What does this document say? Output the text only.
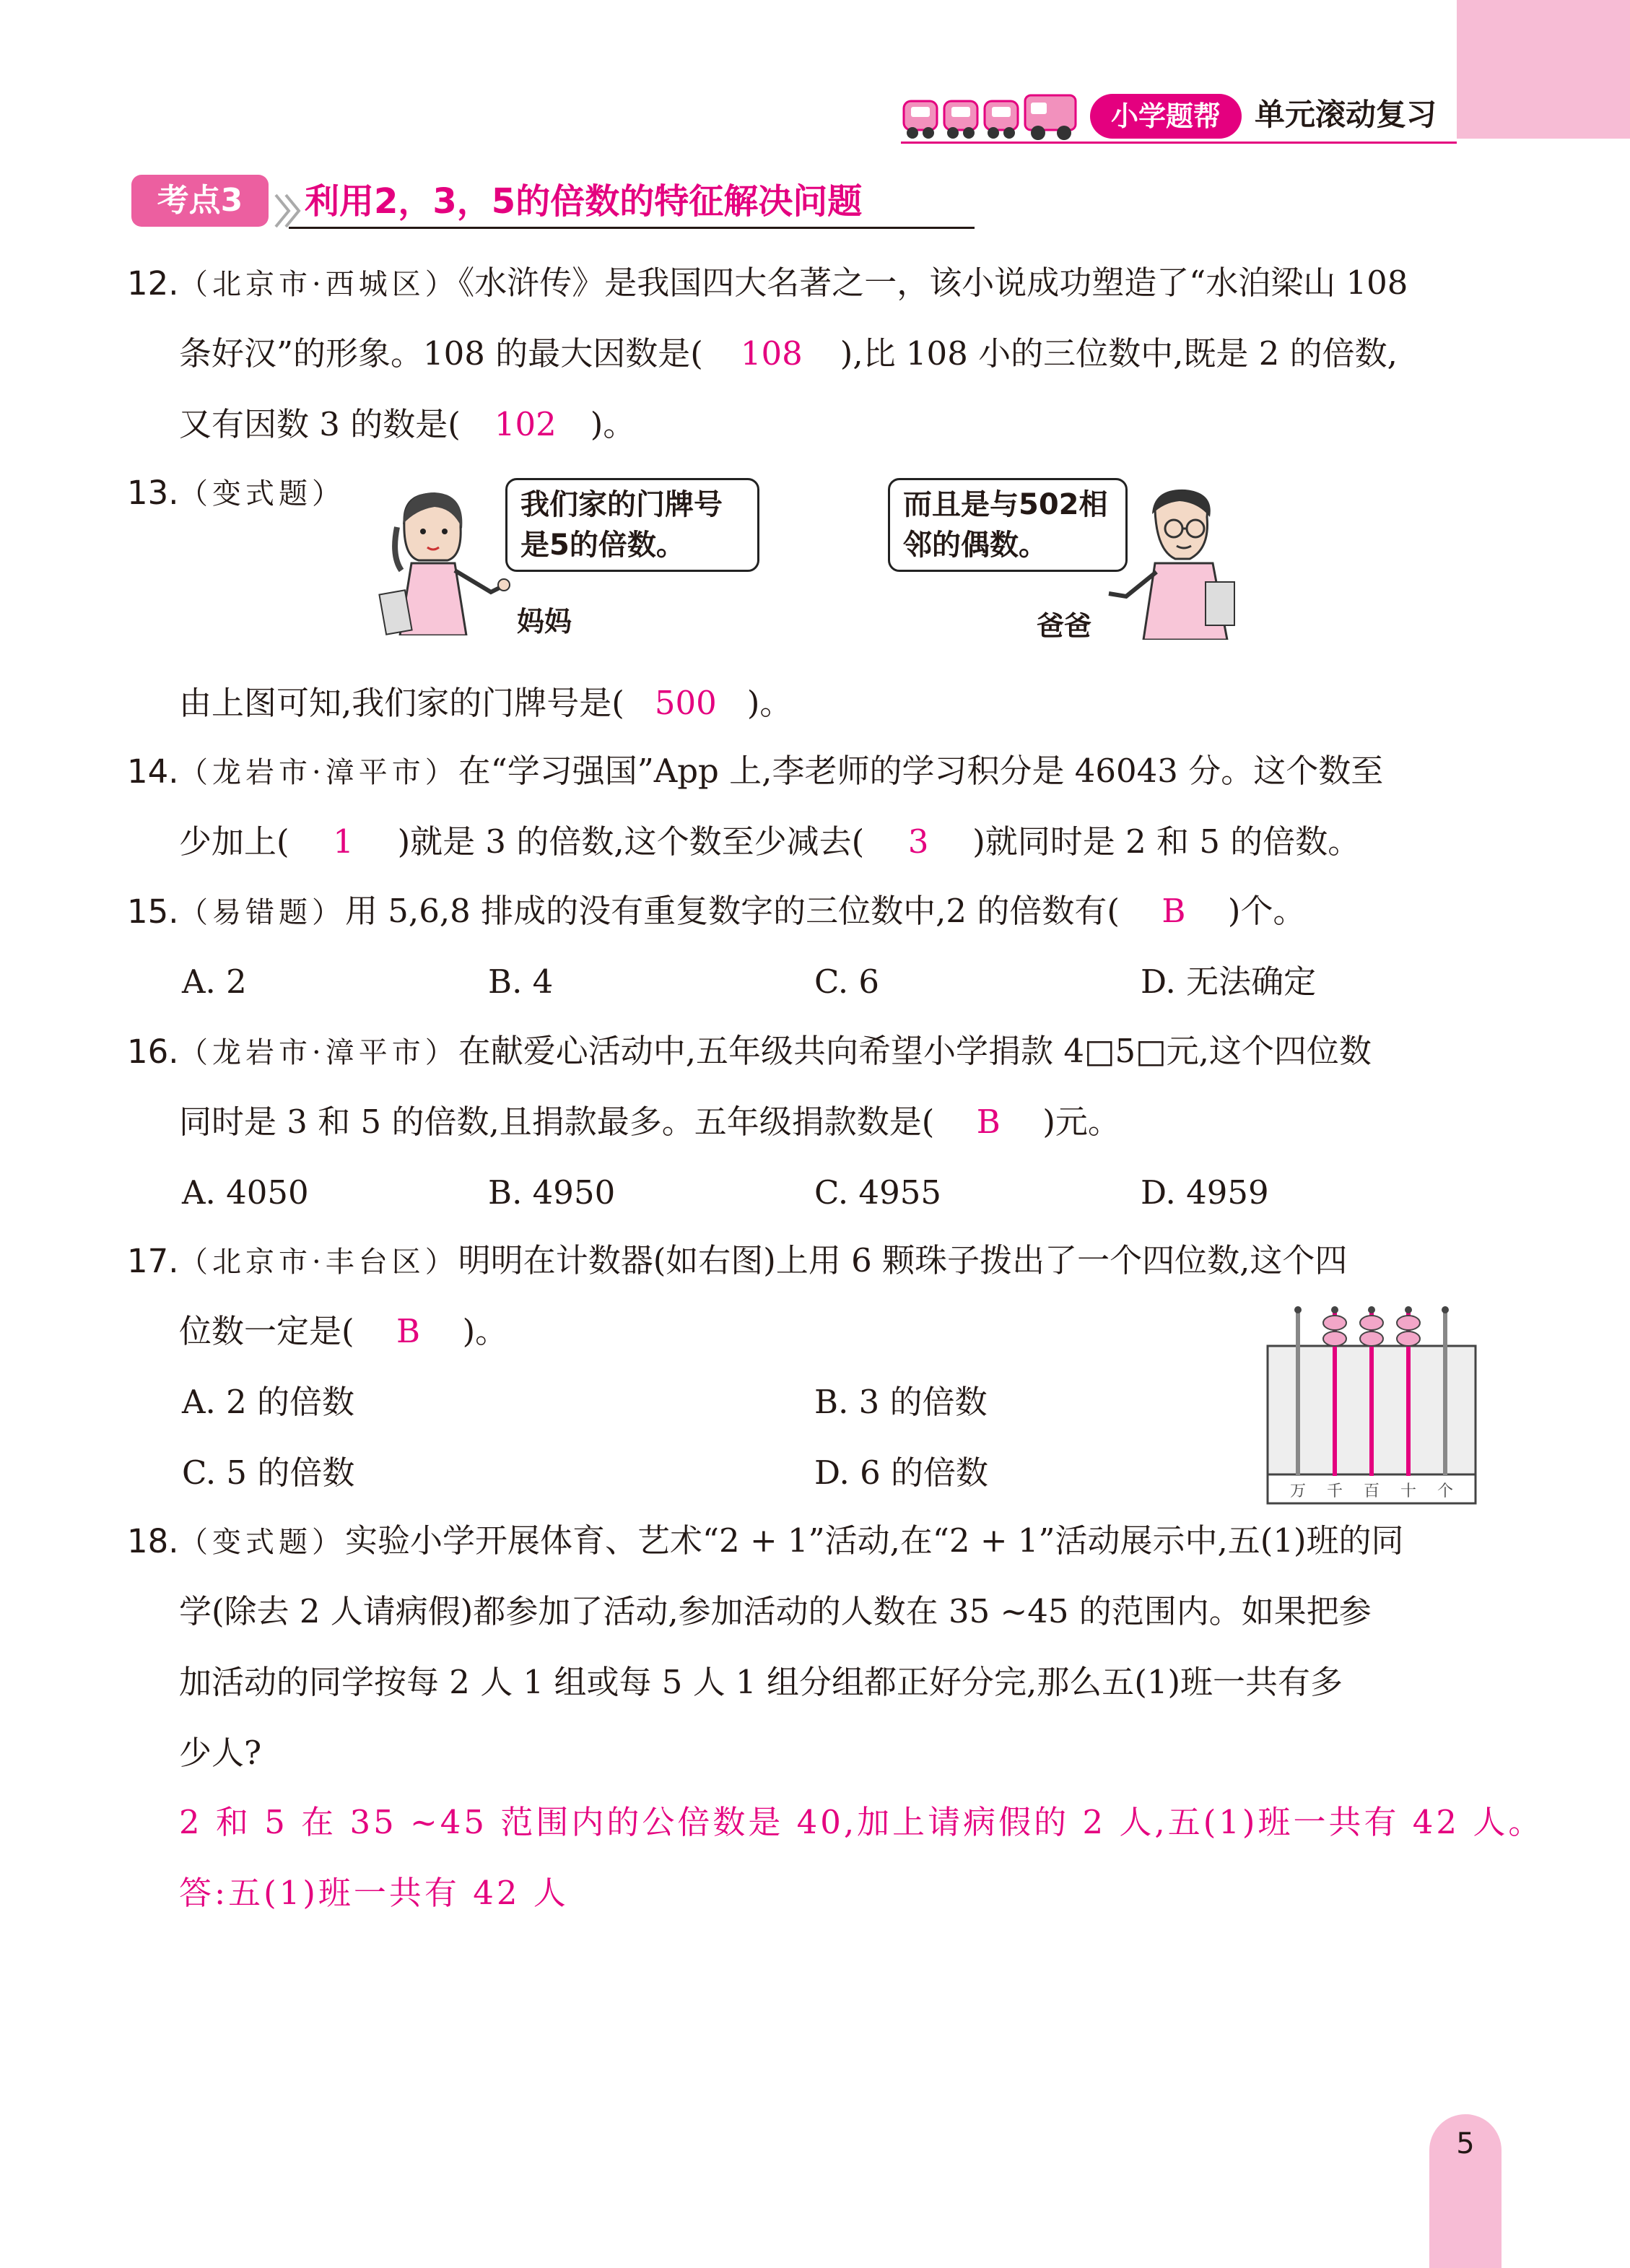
小学题帮	单元滚动复习
考点3	利用2，3，5的倍数的特征解决问题
12. （北京市·西城区）《水浒传》是我国四大名著之一，该小说成功塑造了“水泊梁山 108
条好汉”的形象。108 的最大因数是( 108 ),比 108 小的三位数中,既是 2 的倍数,
又有因数 3 的数是( 102 )。
13. （变式题）	我们家的门牌号是5的倍数。
妈妈
而且是与502相邻的偶数。
爸爸
由上图可知,我们家的门牌号是( 500 )。
14. （龙岩市·漳平市）在“学习强国”App 上,李老师的学习积分是 46043 分。这个数至
少加上( 1 )就是 3 的倍数,这个数至少减去( 3 )就同时是 2 和 5 的倍数。
15. （易错题）用 5,6,8 排成的没有重复数字的三位数中,2 的倍数有( B )个。
A. 2	B. 4	C. 6	D. 无法确定
16. （龙岩市·漳平市）在献爱心活动中,五年级共向希望小学捐款 4□5□元,这个四位数
同时是 3 和 5 的倍数,且捐款最多。五年级捐款数是( B )元。
A. 4050	B. 4950	C. 4955	D. 4959
17. （北京市·丰台区）明明在计数器(如右图)上用 6 颗珠子拨出了一个四位数,这个四
位数一定是( B )。
A. 2 的倍数	B. 3 的倍数
C. 5 的倍数	D. 6 的倍数	万 千 百 十 个
18. （变式题）实验小学开展体育、艺术“2 + 1”活动,在“2 + 1”活动展示中,五(1)班的同
学(除去 2 人请病假)都参加了活动,参加活动的人数在 35 ~45 的范围内。如果把参
加活动的同学按每 2 人 1 组或每 5 人 1 组分组都正好分完,那么五(1)班一共有多
少人?
2 和 5 在 35 ~45 范围内的公倍数是 40,加上请病假的 2 人,五(1)班一共有 42 人。
答:五(1)班一共有 42 人
5
